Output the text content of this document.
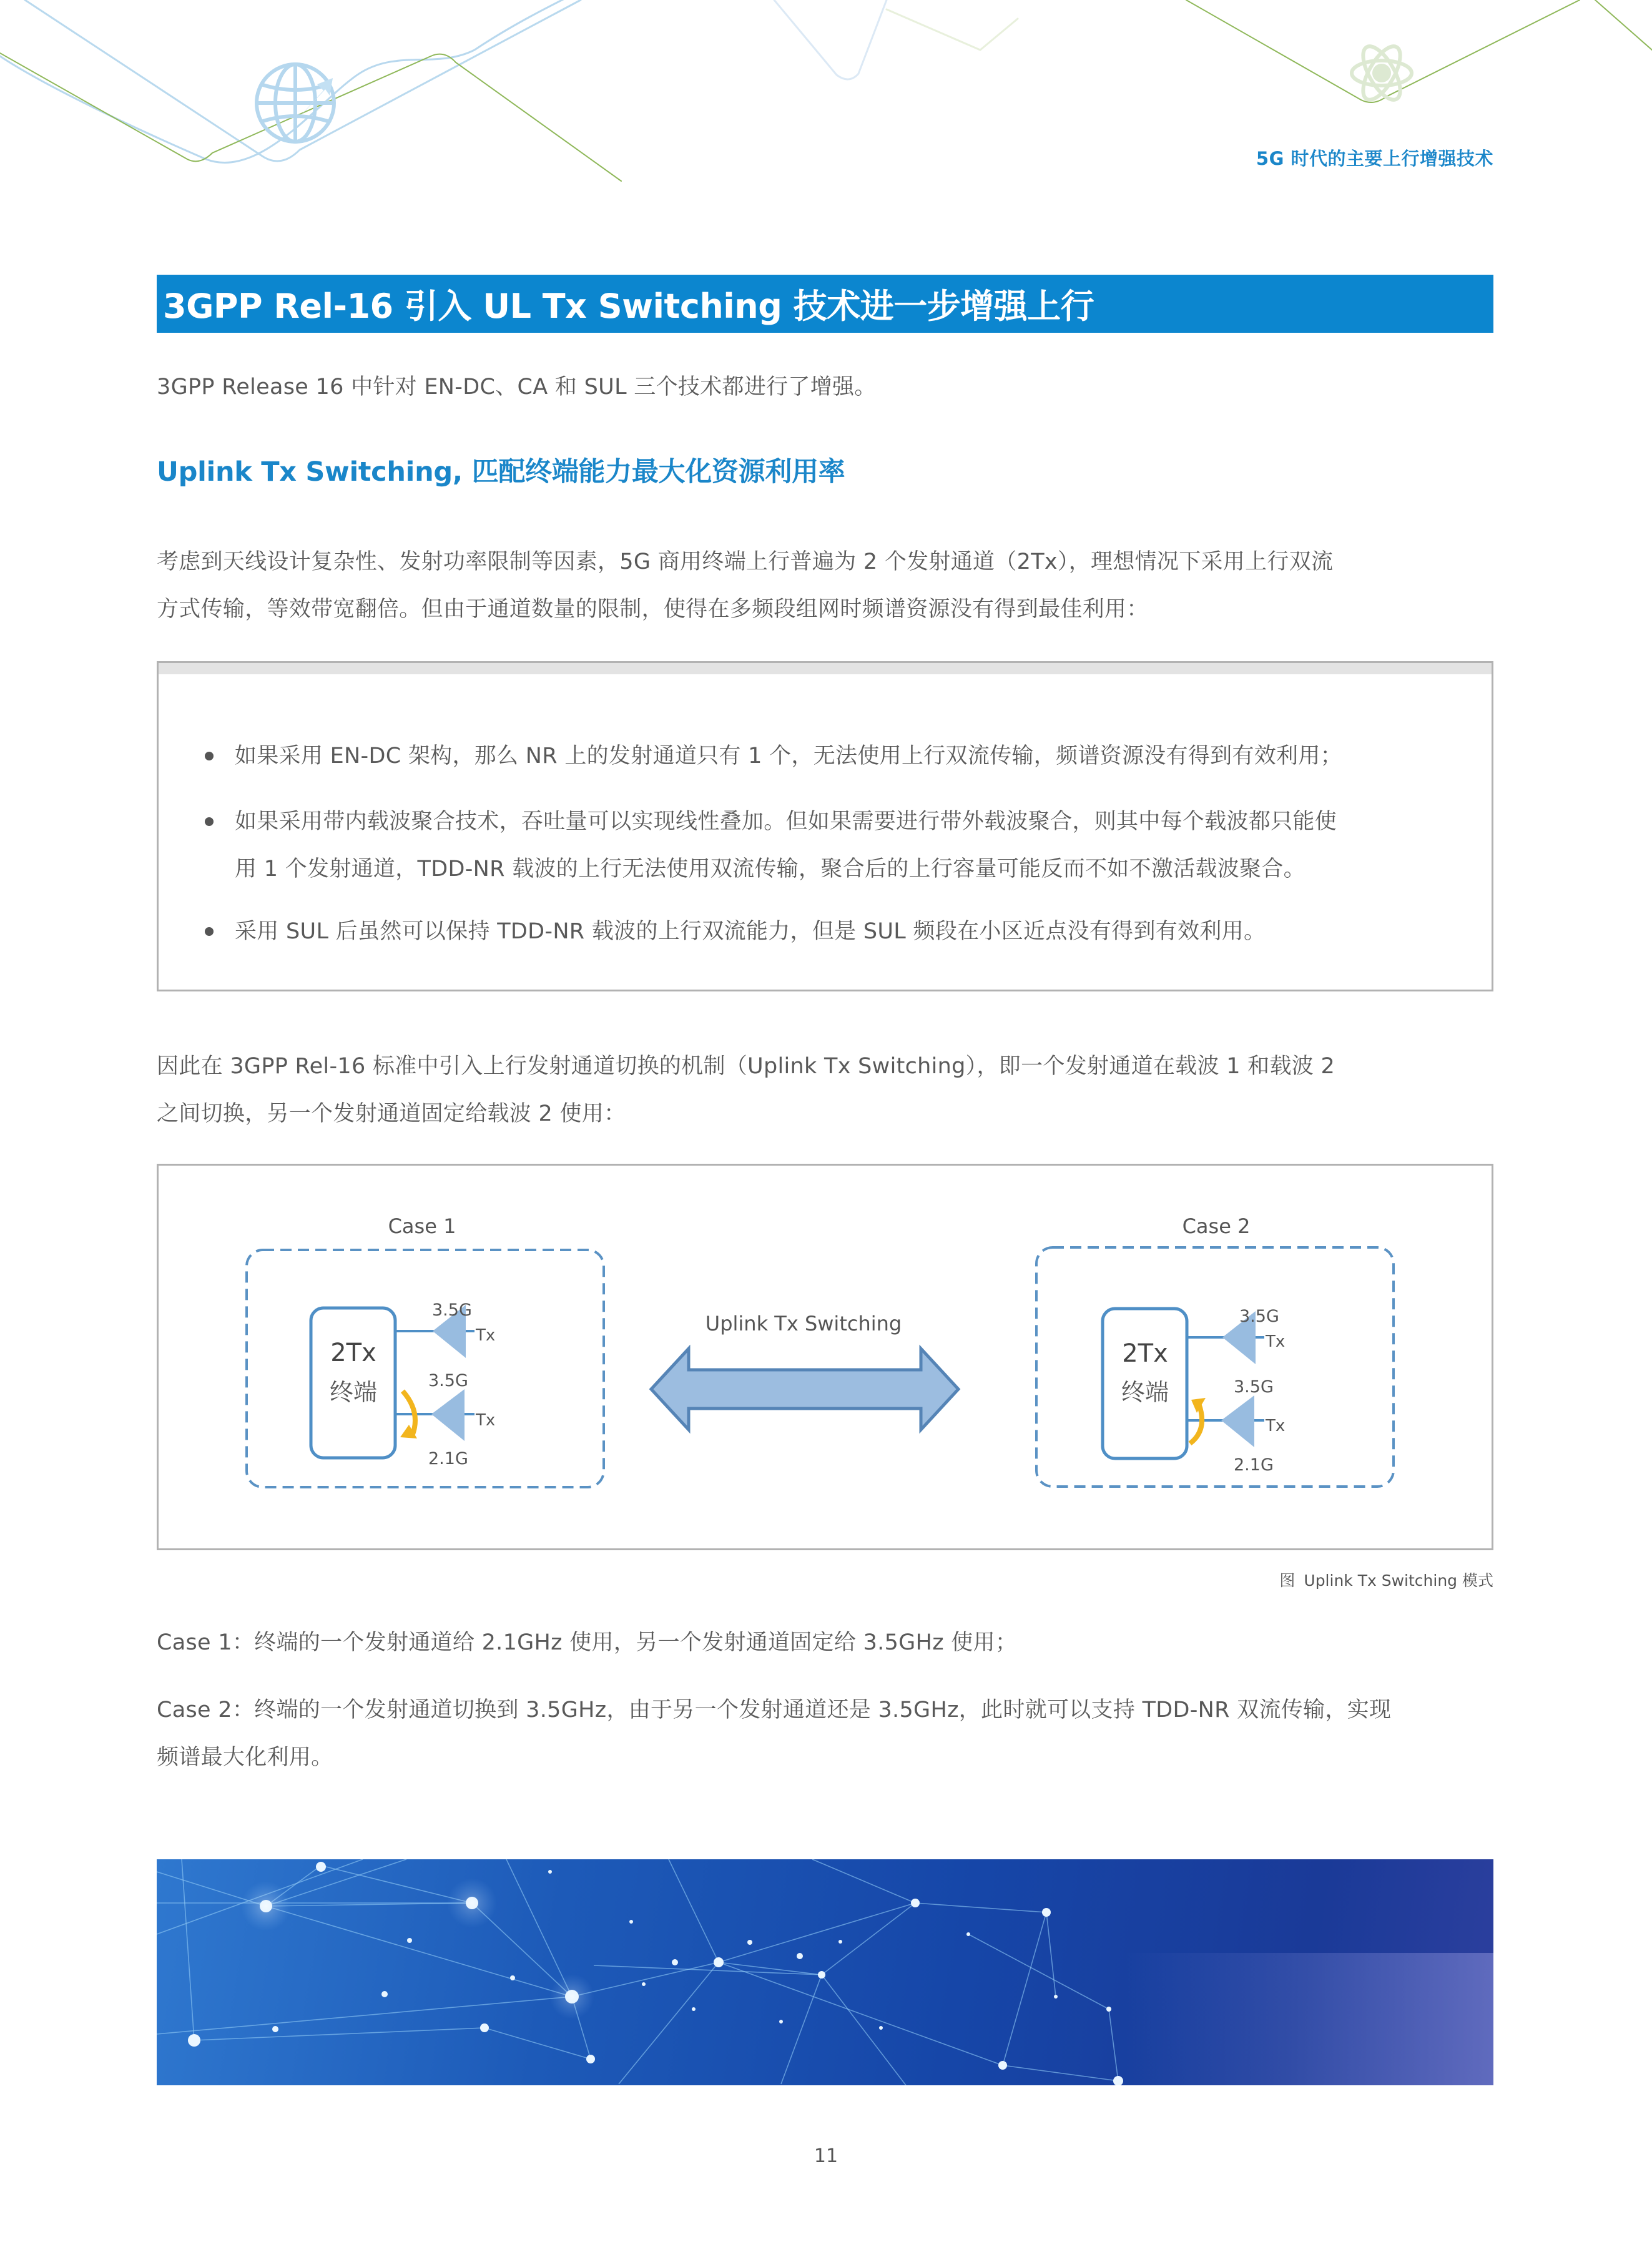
5G 时代的主要上行增强技术
3GPP Rel-16 引入 UL Tx Switching 技术进一步增强上行
3GPP Release 16 中针对 EN-DC、CA 和 SUL 三个技术都进行了增强。
Uplink Tx Switching, 匹配终端能力最大化资源利用率
考虑到天线设计复杂性、发射功率限制等因素，5G 商用终端上行普遍为 2 个发射通道（2Tx），理想情况下采用上行双流
方式传输，等效带宽翻倍。但由于通道数量的限制，使得在多频段组网时频谱资源没有得到最佳利用：
如果采用 EN-DC 架构，那么 NR 上的发射通道只有 1 个，无法使用上行双流传输，频谱资源没有得到有效利用；
如果采用带内载波聚合技术，吞吐量可以实现线性叠加。但如果需要进行带外载波聚合，则其中每个载波都只能使
用 1 个发射通道，TDD-NR 载波的上行无法使用双流传输，聚合后的上行容量可能反而不如不激活载波聚合。
采用 SUL 后虽然可以保持 TDD-NR 载波的上行双流能力，但是 SUL 频段在小区近点没有得到有效利用。
因此在 3GPP Rel-16 标准中引入上行发射通道切换的机制（Uplink Tx Switching），即一个发射通道在载波 1 和载波 2
之间切换，另一个发射通道固定给载波 2 使用：
Case 1
2Tx
终端
3.5G
3.5G
2.1G
Tx
Tx
Uplink Tx Switching
Case 2
2Tx
终端
3.5G
3.5G
2.1G
Tx
Tx
图 Uplink Tx Switching 模式
Case 1：终端的一个发射通道给 2.1GHz 使用，另一个发射通道固定给 3.5GHz 使用；
Case 2：终端的一个发射通道切换到 3.5GHz，由于另一个发射通道还是 3.5GHz，此时就可以支持 TDD-NR 双流传输，实现
频谱最大化利用。
11
